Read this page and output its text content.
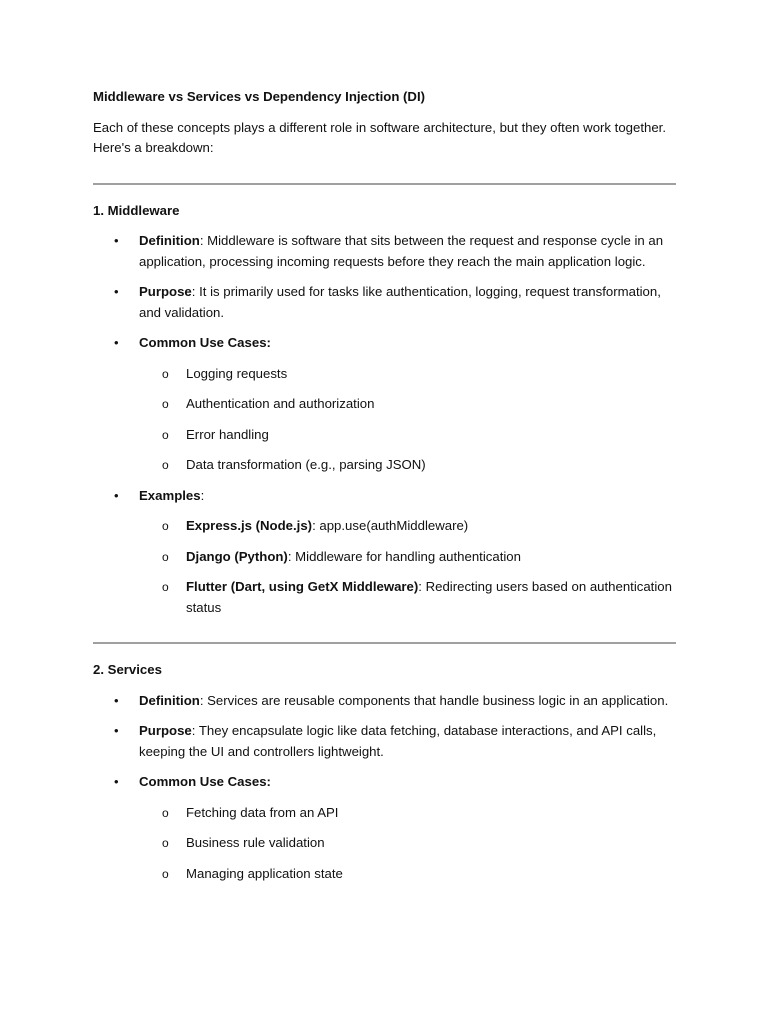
Middleware vs Services vs Dependency Injection (DI)
Each of these concepts plays a different role in software architecture, but they often work together. Here's a breakdown:
1. Middleware
• Definition: Middleware is software that sits between the request and response cycle in an application, processing incoming requests before they reach the main application logic.
• Purpose: It is primarily used for tasks like authentication, logging, request transformation, and validation.
• Common Use Cases:
o Logging requests
o Authentication and authorization
o Error handling
o Data transformation (e.g., parsing JSON)
• Examples:
o Express.js (Node.js): app.use(authMiddleware)
o Django (Python): Middleware for handling authentication
o Flutter (Dart, using GetX Middleware): Redirecting users based on authentication status
2. Services
• Definition: Services are reusable components that handle business logic in an application.
• Purpose: They encapsulate logic like data fetching, database interactions, and API calls, keeping the UI and controllers lightweight.
• Common Use Cases:
o Fetching data from an API
o Business rule validation
o Managing application state
